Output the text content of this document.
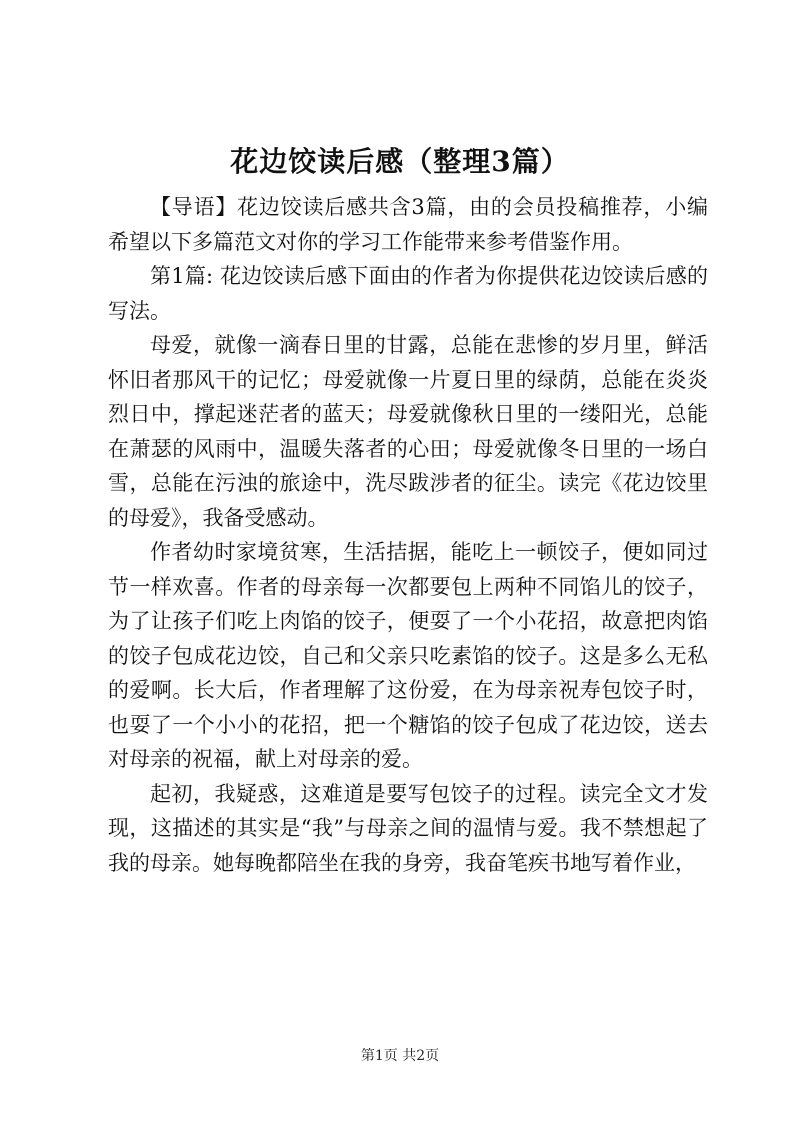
花边饺读后感（整理3篇）

【导语】花边饺读后感共含3篇，由的会员投稿推荐，小编希望以下多篇范文对你的学习工作能带来参考借鉴作用。

第1篇: 花边饺读后感下面由的作者为你提供花边饺读后感的写法。

母爱，就像一滴春日里的甘露，总能在悲惨的岁月里，鲜活怀旧者那风干的记忆；母爱就像一片夏日里的绿荫，总能在炎炎烈日中，撑起迷茫者的蓝天；母爱就像秋日里的一缕阳光，总能在萧瑟的风雨中，温暖失落者的心田；母爱就像冬日里的一场白雪，总能在污浊的旅途中，洗尽跋涉者的征尘。读完《花边饺里的母爱》，我备受感动。

作者幼时家境贫寒，生活拮据，能吃上一顿饺子，便如同过节一样欢喜。作者的母亲每一次都要包上两种不同馅儿的饺子，为了让孩子们吃上肉馅的饺子，便耍了一个小花招，故意把肉馅的饺子包成花边饺，自己和父亲只吃素馅的饺子。这是多么无私的爱啊。长大后，作者理解了这份爱，在为母亲祝寿包饺子时，也耍了一个小小的花招，把一个糖馅的饺子包成了花边饺，送去对母亲的祝福，献上对母亲的爱。

起初，我疑惑，这难道是要写包饺子的过程。读完全文才发现，这描述的其实是“我”与母亲之间的温情与爱。我不禁想起了我的母亲。她每晚都陪坐在我的身旁，我奋笔疾书地写着作业，

第1页 共2页
